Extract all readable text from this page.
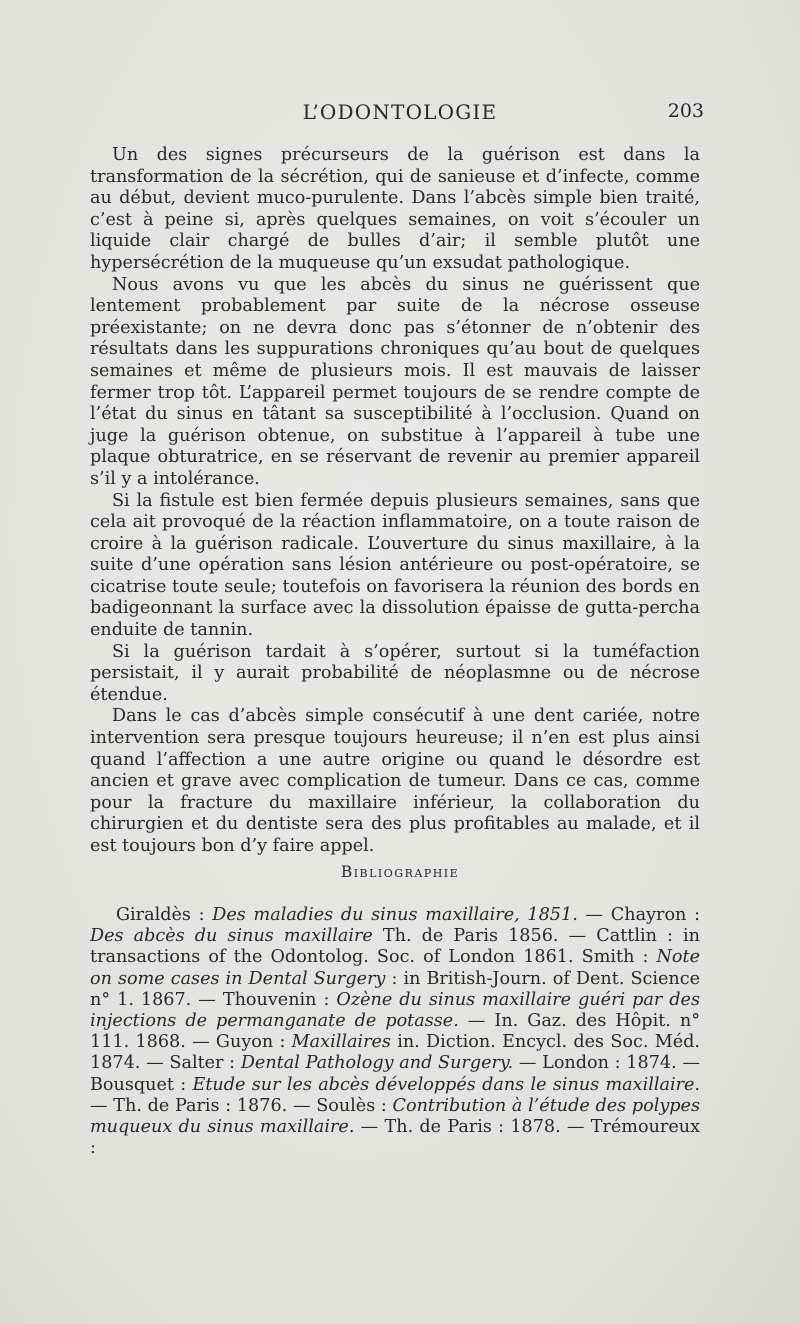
L’ODONTOLOGIE	203

Un des signes précurseurs de la guérison est dans la transformation de la sécrétion, qui de sanieuse et d’infecte, comme au début, devient muco-purulente. Dans l’abcès simple bien traité, c’est à peine si, après quelques semaines, on voit s’écouler un liquide clair chargé de bulles d’air; il semble plutôt une hypersécrétion de la muqueuse qu’un exsudat pathologique.

Nous avons vu que les abcès du sinus ne guérissent que lentement probablement par suite de la nécrose osseuse préexistante; on ne devra donc pas s’étonner de n’obtenir des résultats dans les suppurations chroniques qu’au bout de quelques semaines et même de plusieurs mois. Il est mauvais de laisser fermer trop tôt. L’appareil permet toujours de se rendre compte de l’état du sinus en tâtant sa susceptibilité à l’occlusion. Quand on juge la guérison obtenue, on substitue à l’appareil à tube une plaque obturatrice, en se réservant de revenir au premier appareil s’il y a intolérance.

Si la fistule est bien fermée depuis plusieurs semaines, sans que cela ait provoqué de la réaction inflammatoire, on a toute raison de croire à la guérison radicale. L’ouverture du sinus maxillaire, à la suite d’une opération sans lésion antérieure ou post-opératoire, se cicatrise toute seule; toutefois on favorisera la réunion des bords en badigeonnant la surface avec la dissolution épaisse de gutta-percha enduite de tannin.

Si la guérison tardait à s’opérer, surtout si la tuméfaction persistait, il y aurait probabilité de néoplasmne ou de nécrose étendue.

Dans le cas d’abcès simple consécutif à une dent cariée, notre intervention sera presque toujours heureuse; il n’en est plus ainsi quand l’affection a une autre origine ou quand le désordre est ancien et grave avec complication de tumeur. Dans ce cas, comme pour la fracture du maxillaire inférieur, la collaboration du chirurgien et du dentiste sera des plus profitables au malade, et il est toujours bon d’y faire appel.

Bibliographie
Giraldès : Des maladies du sinus maxillaire, 1851. — Chayron : Des abcès du sinus maxillaire Th. de Paris 1856. — Cattlin : in transactions of the Odontolog. Soc. of London 1861. Smith : Note on some cases in Dental Surgery : in British-Journ. of Dent. Science n° 1. 1867. — Thouvenin : Ozène du sinus maxillaire guéri par des injections de permanganate de potasse. — In. Gaz. des Hôpit. n° 111. 1868. — Guyon : Maxillaires in. Diction. Encycl. des Soc. Méd. 1874. — Salter : Dental Pathology and Surgery. — London : 1874. — Bousquet : Etude sur les abcès développés dans le sinus maxillaire. — Th. de Paris : 1876. — Soulès : Contribution à l’étude des polypes muqueux du sinus maxillaire. — Th. de Paris : 1878. — Trémoureux :
